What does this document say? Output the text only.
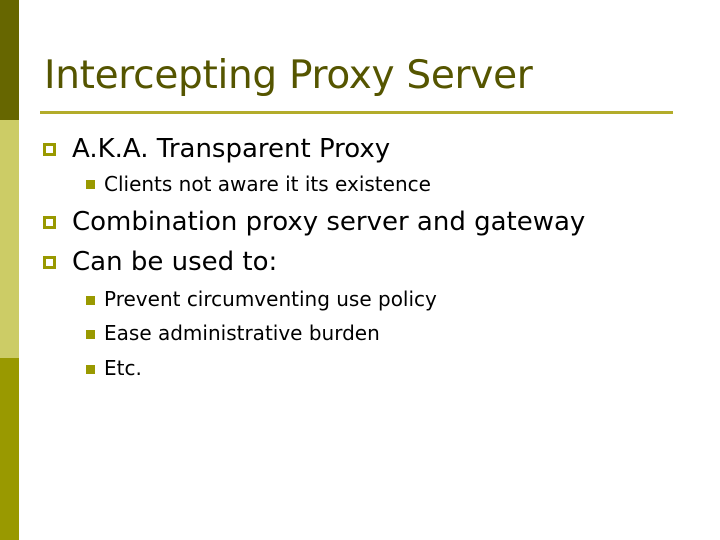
Intercepting Proxy Server
A.K.A. Transparent Proxy
Clients not aware it its existence
Combination proxy server and gateway
Can be used to:
Prevent circumventing use policy
Ease administrative burden
Etc.
